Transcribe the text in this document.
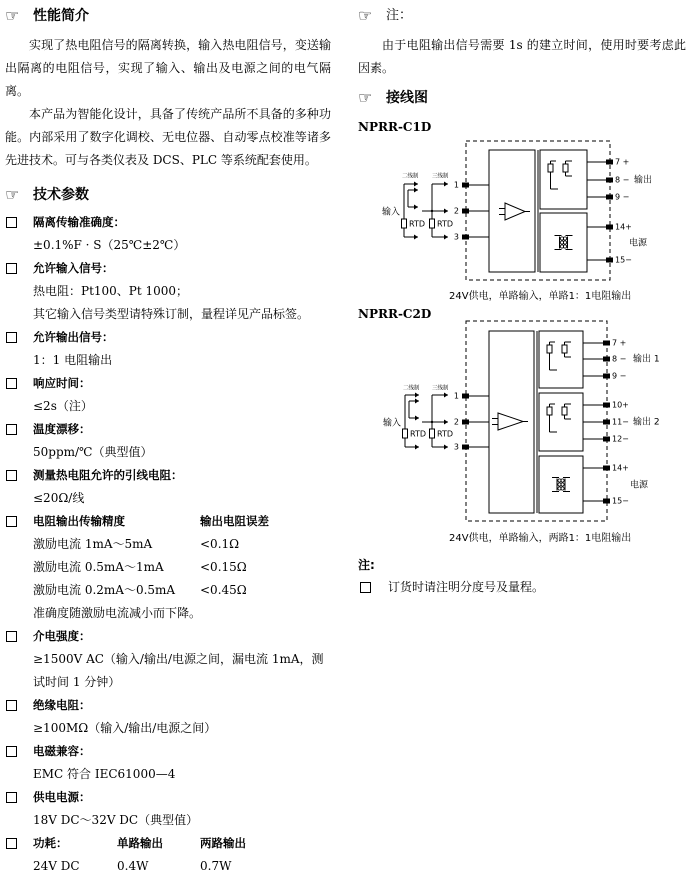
☞ 性能简介
实现了热电阻信号的隔离转换，输入热电阻信号，变送输出隔离的电阻信号，实现了输入、输出及电源之间的电气隔离。
本产品为智能化设计，具备了传统产品所不具备的多种功能。内部采用了数字化调校、无电位器、自动零点校准等诸多先进技术。可与各类仪表及 DCS、PLC 等系统配套使用。
☞ 技术参数
隔离传输准确度：
±0.1%F · S（25℃±2℃）
允许输入信号：
热电阻：Pt100、Pt 1000；
其它输入信号类型请特殊订制，量程详见产品标签。
允许输出信号：
1：1 电阻输出
响应时间：
≤2s（注）
温度漂移：
50ppm/℃（典型值）
测量热电阻允许的引线电阻：
≤20Ω/线
电阻输出传输精度	输出电阻误差
激励电流 1mA～5mA	<0.1Ω
激励电流 0.5mA～1mA	<0.15Ω
激励电流 0.2mA～0.5mA <0.45Ω
准确度随激励电流减小而下降。
介电强度：
≥1500V AC（输入/输出/电源之间，漏电流 1mA，测试时间 1 分钟）
绝缘电阻：
≥100MΩ（输入/输出/电源之间）
电磁兼容：
EMC 符合 IEC61000—4
供电电源：
18V DC～32V DC（典型值）
功耗：	单路输出	两路输出
24V DC	0.4W	0.7W
☞	注：
由于电阻输出信号需要 1s 的建立时间，使用时要考虑此因素。
☞ 接线图
NPRR-C1D
24V供电，单路输入，单路1：1电阻输出
NPRR-C2D
24V供电，单路输入，两路1：1电阻输出
注:
订货时请注明分度号及量程。
7 +
8 −
9 −
14+
15−
输出
电源
1
2
3
二线制 三线制
输入
RTD RTD
7 +
8 −
9 −
10+
11−
12−
14+
15−
输出 1
输出 2
电源
1
2
3
二线制 三线制
输入
RTD RTD
